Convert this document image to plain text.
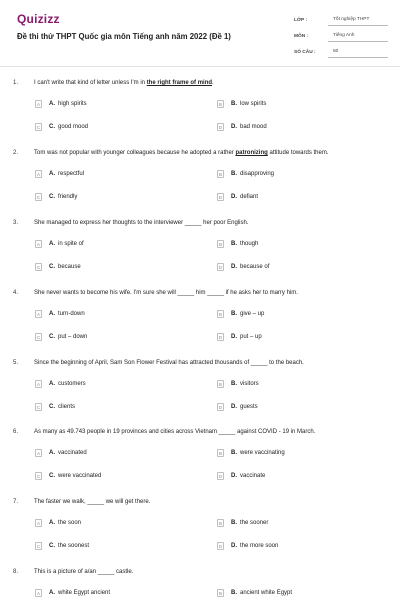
Quizizz
Đề thi thử THPT Quốc gia môn Tiếng anh năm 2022 (Đề 1)
LỚP :	Tốt nghiệp THPT
MÔN :	Tiếng Anh
SỐ CÂU :	50
1.	I can't write that kind of letter unless I'm in the right frame of mind.
A	A. high spirits	B	B. low spirits
C	C. good mood	D	D. bad mood
2.	Tom was not popular with younger colleagues because he adopted a rather patronizing attitude towards them.
A	A. respectful	B	B. disapproving
C	C. friendly	D	D. defiant
3.	She managed to express her thoughts to the interviewer _____ her poor English.
A	A. in spite of	B	B. though
C	C. because	D	D. because of
4.	She never wants to become his wife. I'm sure she will _____ him _____ if he asks her to marry him.
A	A. turn-down	B	B. give – up
C	C. put – down	D	D. put – up
5.	Since the beginning of April, Sam Son Flower Festival has attracted thousands of _____ to the beach.
A	A. customers	B	B. visitors
C	C. clients	D	D. guests
6.	As many as 49.743 people in 19 provinces and cities across Vietnam _____ against COVID - 19 in March.
A	A. vaccinated	B	B. were vaccinating
C	C. were vaccinated	D	D. vaccinate
7.	The faster we walk, _____ we will get there.
A	A. the soon	B	B. the sooner
C	C. the soonest	D	D. the more soon
8.	This is a picture of a/an _____ castle.
A	A. white Egypt ancient	B	B. ancient white Egypt
